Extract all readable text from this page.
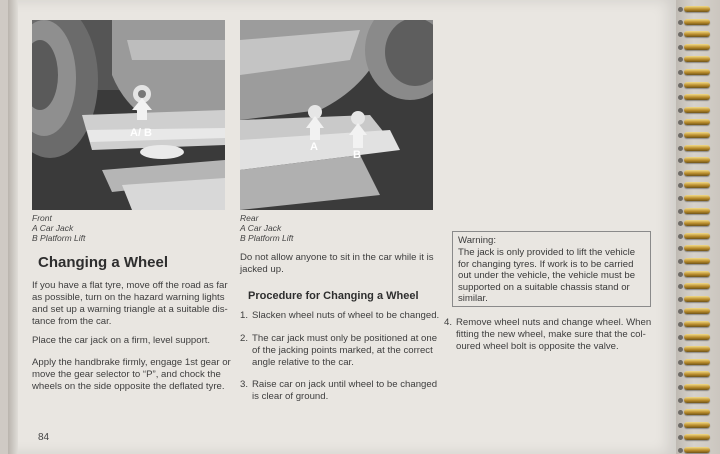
A / B
Front
A Car Jack
B Platform Lift
A
B
Rear
A Car Jack
B Platform Lift
Changing a Wheel
If you have a flat tyre, move off the road as far
as possible, turn on the hazard warning lights
and set up a warning triangle at a suitable dis-
tance from the car.
Place the car jack on a firm, level support.
Apply the handbrake firmly, engage 1st gear or
move the gear selector to “P”, and chock the
wheels on the side opposite the deflated tyre.
Do not allow anyone to sit in the car while it is
jacked up.
Procedure for Changing a Wheel
1. Slacken wheel nuts of wheel to be changed.
2. The car jack must only be positioned at one
of the jacking points marked, at the correct
angle relative to the car.
3. Raise car on jack until wheel to be changed
is clear of ground.
Warning:
The jack is only provided to lift the vehicle
for changing tyres. If work is to be carried
out under the vehicle, the vehicle must be
supported on a suitable chassis stand or
similar.
4. Remove wheel nuts and change wheel. When
fitting the new wheel, make sure that the col-
oured wheel bolt is opposite the valve.
84
